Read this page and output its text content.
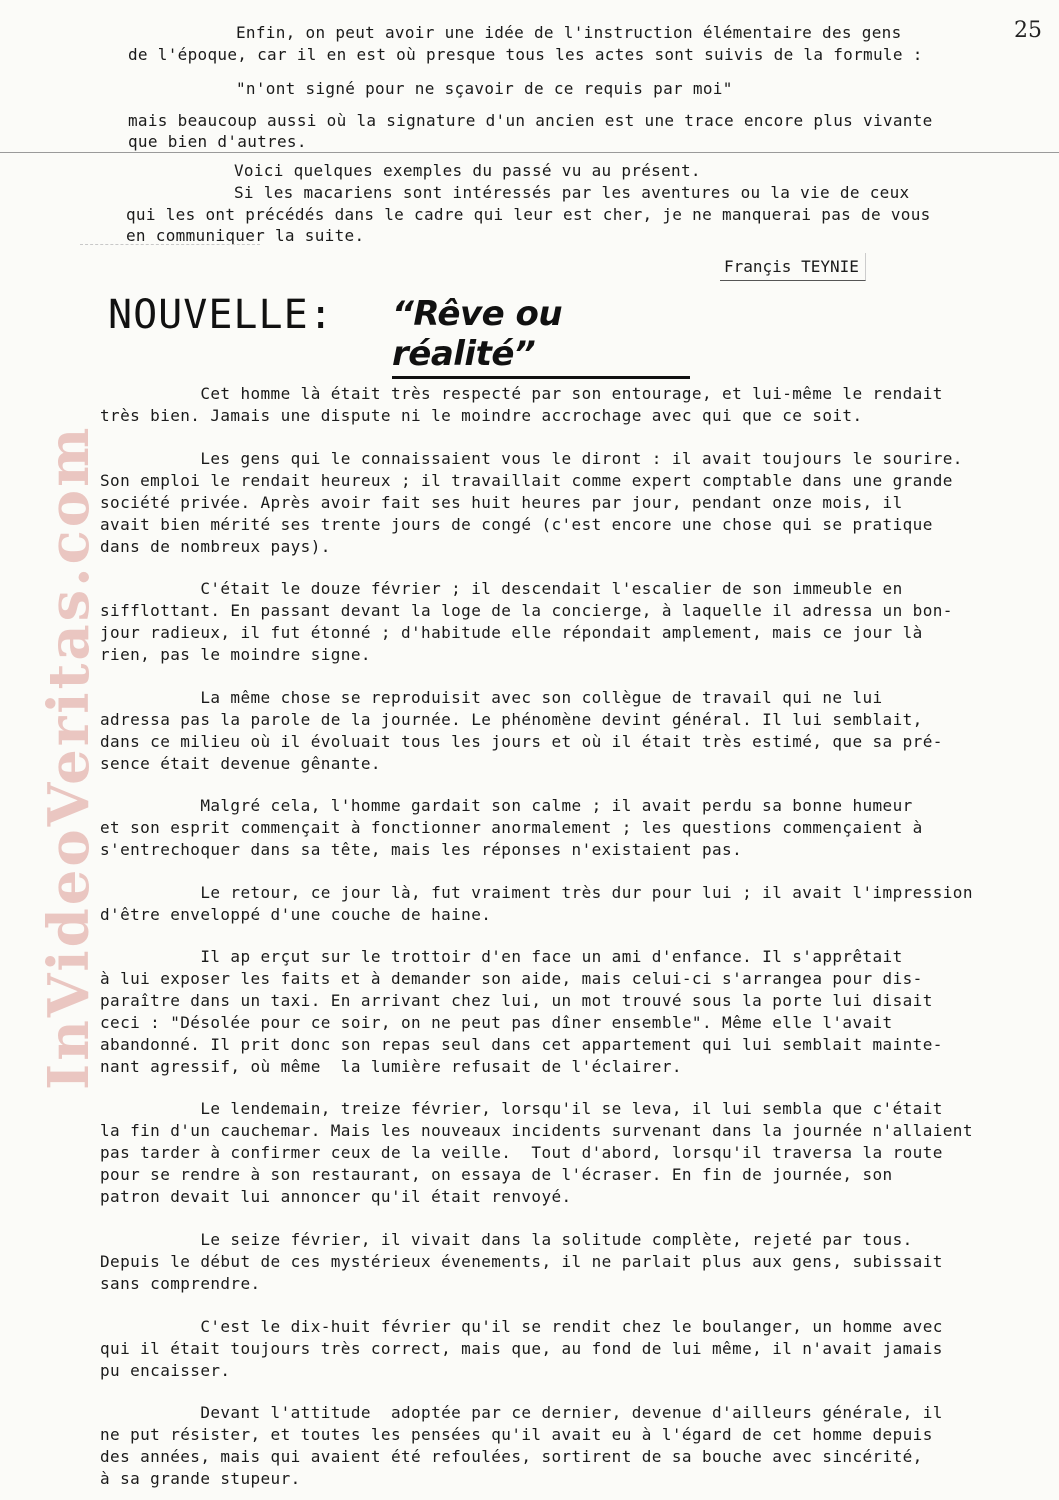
25
Enfin, on peut avoir une idée de l'instruction élémentaire des gens
de l'époque, car il en est où presque tous les actes sont suivis de la formule :
"n'ont signé pour ne sçavoir de ce requis par moi"
mais beaucoup aussi où la signature d'un ancien est une trace encore plus vivante
que bien d'autres.
Voici quelques exemples du passé vu au présent.
Si les macariens sont intéressés par les aventures ou la vie de ceux
qui les ont précédés dans le cadre qui leur est cher, je ne manquerai pas de vous
en communiquer la suite.
Françis TEYNIE
NOUVELLE: “Rêve ou réalité”
InVideoVeritas.com
Cet homme là était très respecté par son entourage, et lui-même le rendait
très bien. Jamais une dispute ni le moindre accrochage avec qui que ce soit.
Les gens qui le connaissaient vous le diront : il avait toujours le sourire.
Son emploi le rendait heureux ; il travaillait comme expert comptable dans une grande
société privée. Après avoir fait ses huit heures par jour, pendant onze mois, il
avait bien mérité ses trente jours de congé (c'est encore une chose qui se pratique
dans de nombreux pays).
C'était le douze février ; il descendait l'escalier de son immeuble en
sifflottant. En passant devant la loge de la concierge, à laquelle il adressa un bon-
jour radieux, il fut étonné ; d'habitude elle répondait amplement, mais ce jour là
rien, pas le moindre signe.
La même chose se reproduisit avec son collègue de travail qui ne lui
adressa pas la parole de la journée. Le phénomène devint général. Il lui semblait,
dans ce milieu où il évoluait tous les jours et où il était très estimé, que sa pré-
sence était devenue gênante.
Malgré cela, l'homme gardait son calme ; il avait perdu sa bonne humeur
et son esprit commençait à fonctionner anormalement ; les questions commençaient à
s'entrechoquer dans sa tête, mais les réponses n'existaient pas.
Le retour, ce jour là, fut vraiment très dur pour lui ; il avait l'impression
d'être enveloppé d'une couche de haine.
Il ap erçut sur le trottoir d'en face un ami d'enfance. Il s'apprêtait
à lui exposer les faits et à demander son aide, mais celui-ci s'arrangea pour dis-
paraître dans un taxi. En arrivant chez lui, un mot trouvé sous la porte lui disait
ceci : "Désolée pour ce soir, on ne peut pas dîner ensemble". Même elle l'avait
abandonné. Il prit donc son repas seul dans cet appartement qui lui semblait mainte-
nant agressif, où même  la lumière refusait de l'éclairer.
Le lendemain, treize février, lorsqu'il se leva, il lui sembla que c'était
la fin d'un cauchemar. Mais les nouveaux incidents survenant dans la journée n'allaient
pas tarder à confirmer ceux de la veille.  Tout d'abord, lorsqu'il traversa la route
pour se rendre à son restaurant, on essaya de l'écraser. En fin de journée, son
patron devait lui annoncer qu'il était renvoyé.
Le seize février, il vivait dans la solitude complète, rejeté par tous.
Depuis le début de ces mystérieux évenements, il ne parlait plus aux gens, subissait
sans comprendre.
C'est le dix-huit février qu'il se rendit chez le boulanger, un homme avec
qui il était toujours très correct, mais que, au fond de lui même, il n'avait jamais
pu encaisser.
Devant l'attitude  adoptée par ce dernier, devenue d'ailleurs générale, il
ne put résister, et toutes les pensées qu'il avait eu à l'égard de cet homme depuis
des années, mais qui avaient été refoulées, sortirent de sa bouche avec sincérité,
à sa grande stupeur.
